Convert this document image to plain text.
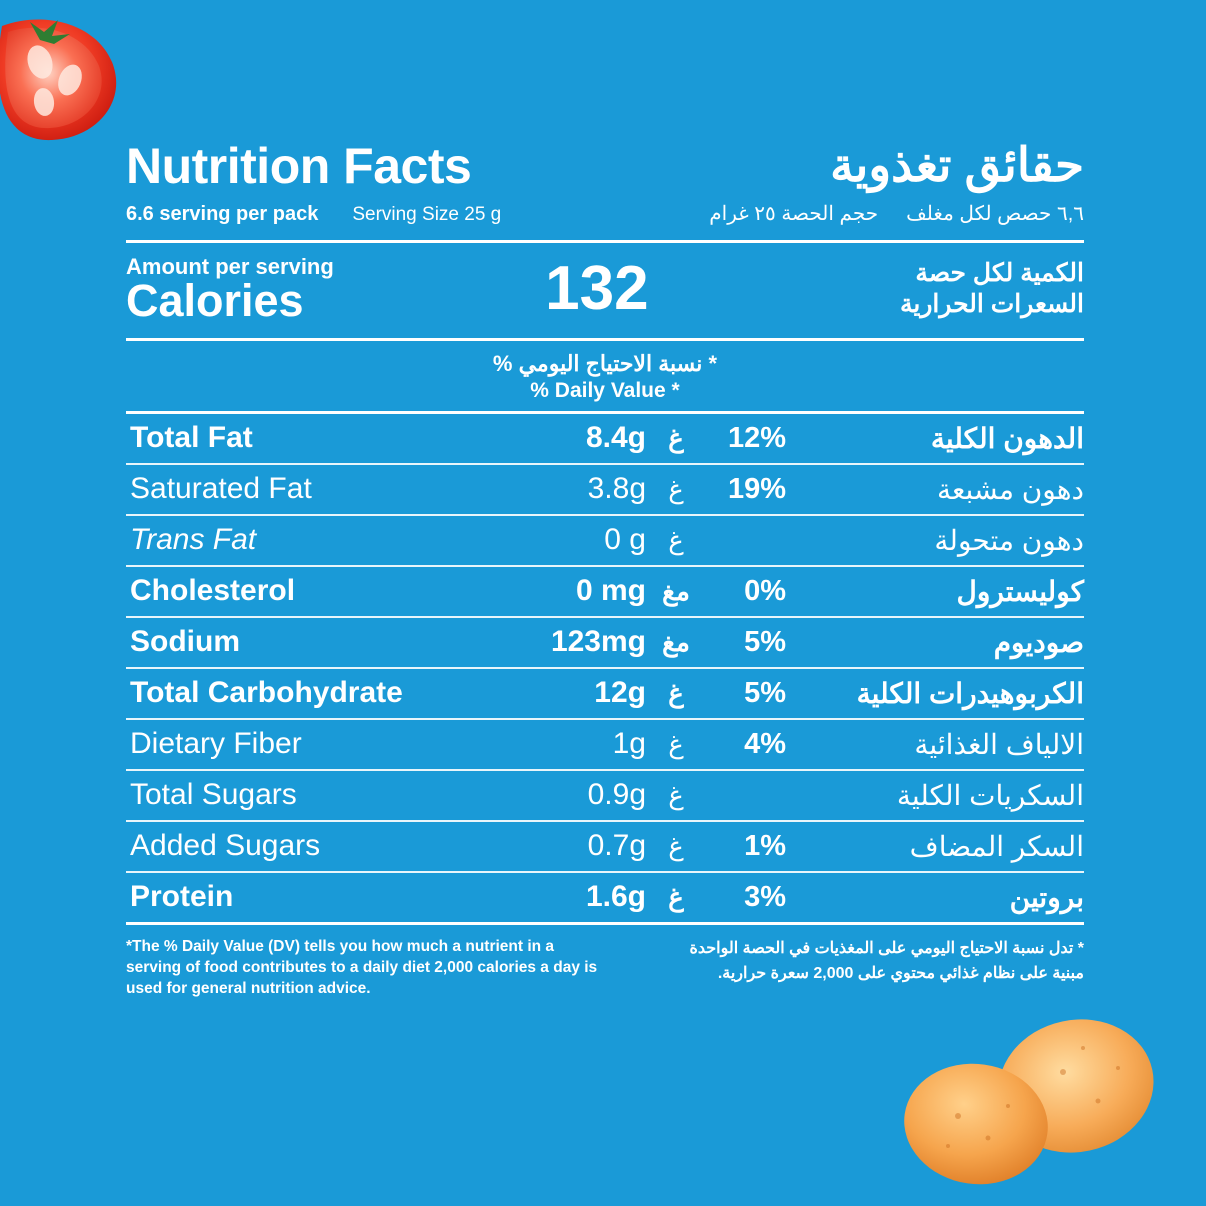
Nutrition Facts	حقائق تغذوية
6.6 serving per pack Serving Size 25 g	٦,٦ حصص لكل مغلف
حجم الحصة ٢٥ غرام
Amount per serving
Calories	132	الكمية لكل حصة
السعرات الحرارية
* نسبة الاحتياج اليومي %
% Daily Value *
Total Fat	8.4g غ	12%	الدهون الكلية
Saturated Fat	3.8g غ	19%	دهون مشبعة
Trans Fat	0 g غ	دهون متحولة
Cholesterol	0 mg مغ	0%	كوليسترول
Sodium	123mg مغ	5%	صوديوم
Total Carbohydrate	12g غ	5%	الكربوهيدرات الكلية
Dietary Fiber	1g غ	4%	الالياف الغذائية
Total Sugars	0.9g غ	السكريات الكلية
Added Sugars	0.7g غ	1%	السكر المضاف
Protein	1.6g غ	3%	بروتين
*The % Daily Value (DV) tells you how much a nutrient in a serving of food contributes to a daily diet 2,000 calories a day is used for general nutrition advice.
* تدل نسبة الاحتياج اليومي على المغذيات في الحصة الواحدة مبنية على نظام غذائي محتوي على 2,000 سعرة حرارية.
